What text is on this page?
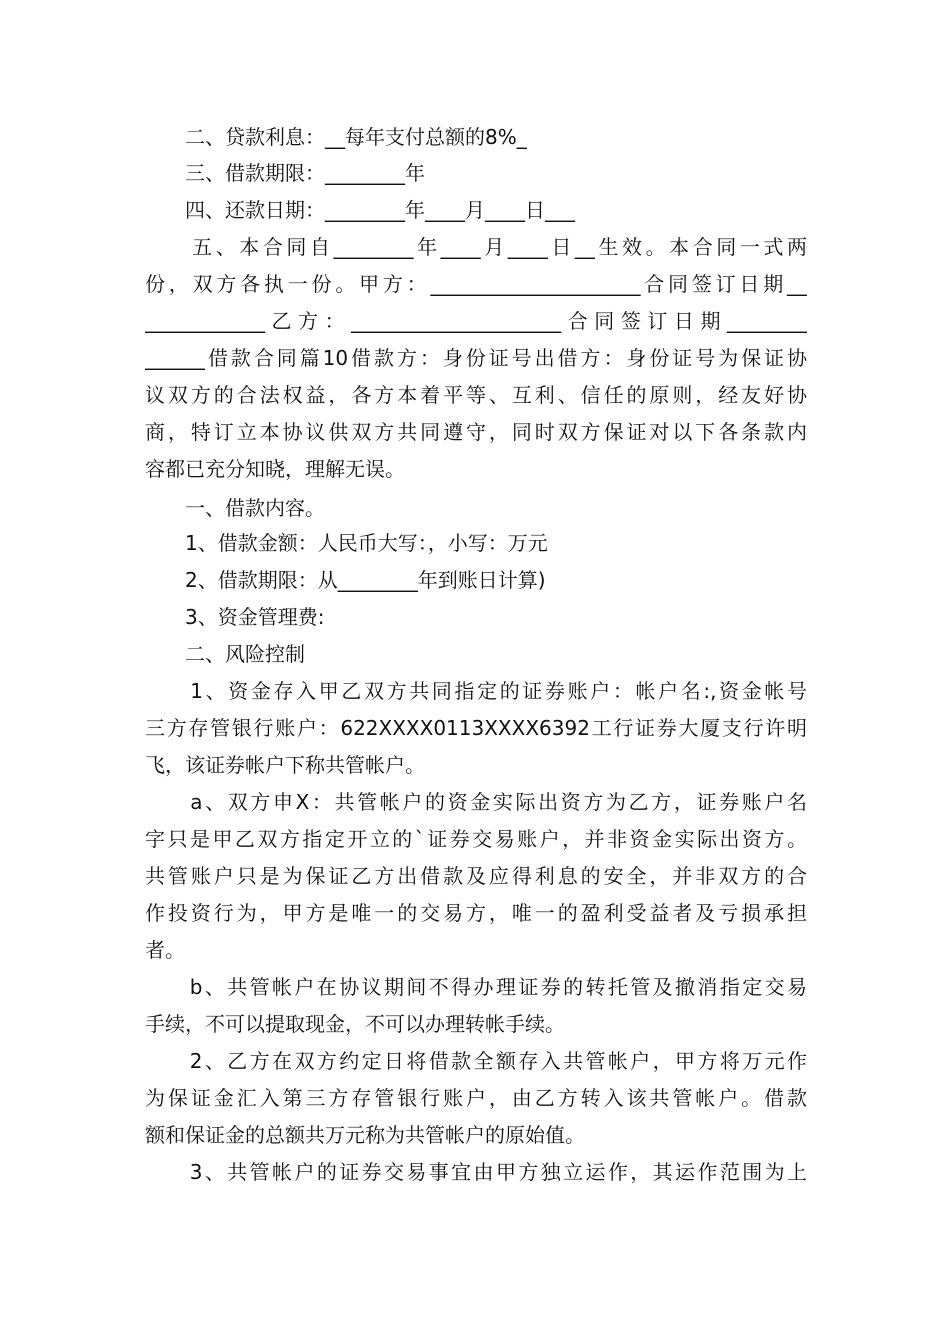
　　二、贷款利息：__每年支付总额的8%_
　　三、借款期限：________年
　　四、还款日期：________年____月____日___
　　五、本合同自________年____月____日__生效。本合同一式两
份，双方各执一份。甲方：_____________________合同签订日期__
____________乙方：_____________________合同签订日期________
______借款合同篇10借款方：身份证号出借方：身份证号为保证协
议双方的合法权益，各方本着平等、互利、信任的原则，经友好协
商，特订立本协议供双方共同遵守，同时双方保证对以下各条款内
容都已充分知晓，理解无误。
　　一、借款内容。
　　1、借款金额：人民币大写：，小写：万元
　　2、借款期限：从________年到账日计算)
　　3、资金管理费:
　　二、风险控制
　　1、资金存入甲乙双方共同指定的证券账户：帐户名:,资金帐号
三方存管银行账户：622XXXX0113XXXX6392工行证券大厦支行许明
飞，该证券帐户下称共管帐户。
　　a、双方申X：共管帐户的资金实际出资方为乙方，证券账户名
字只是甲乙双方指定开立的`证券交易账户，并非资金实际出资方。
共管账户只是为保证乙方出借款及应得利息的安全，并非双方的合
作投资行为，甲方是唯一的交易方，唯一的盈利受益者及亏损承担
者。
　　b、共管帐户在协议期间不得办理证券的转托管及撤消指定交易
手续，不可以提取现金，不可以办理转帐手续。
　　2、乙方在双方约定日将借款全额存入共管帐户，甲方将万元作
为保证金汇入第三方存管银行账户，由乙方转入该共管帐户。借款
额和保证金的总额共万元称为共管帐户的原始值。
　　3、共管帐户的证券交易事宜由甲方独立运作，其运作范围为上
